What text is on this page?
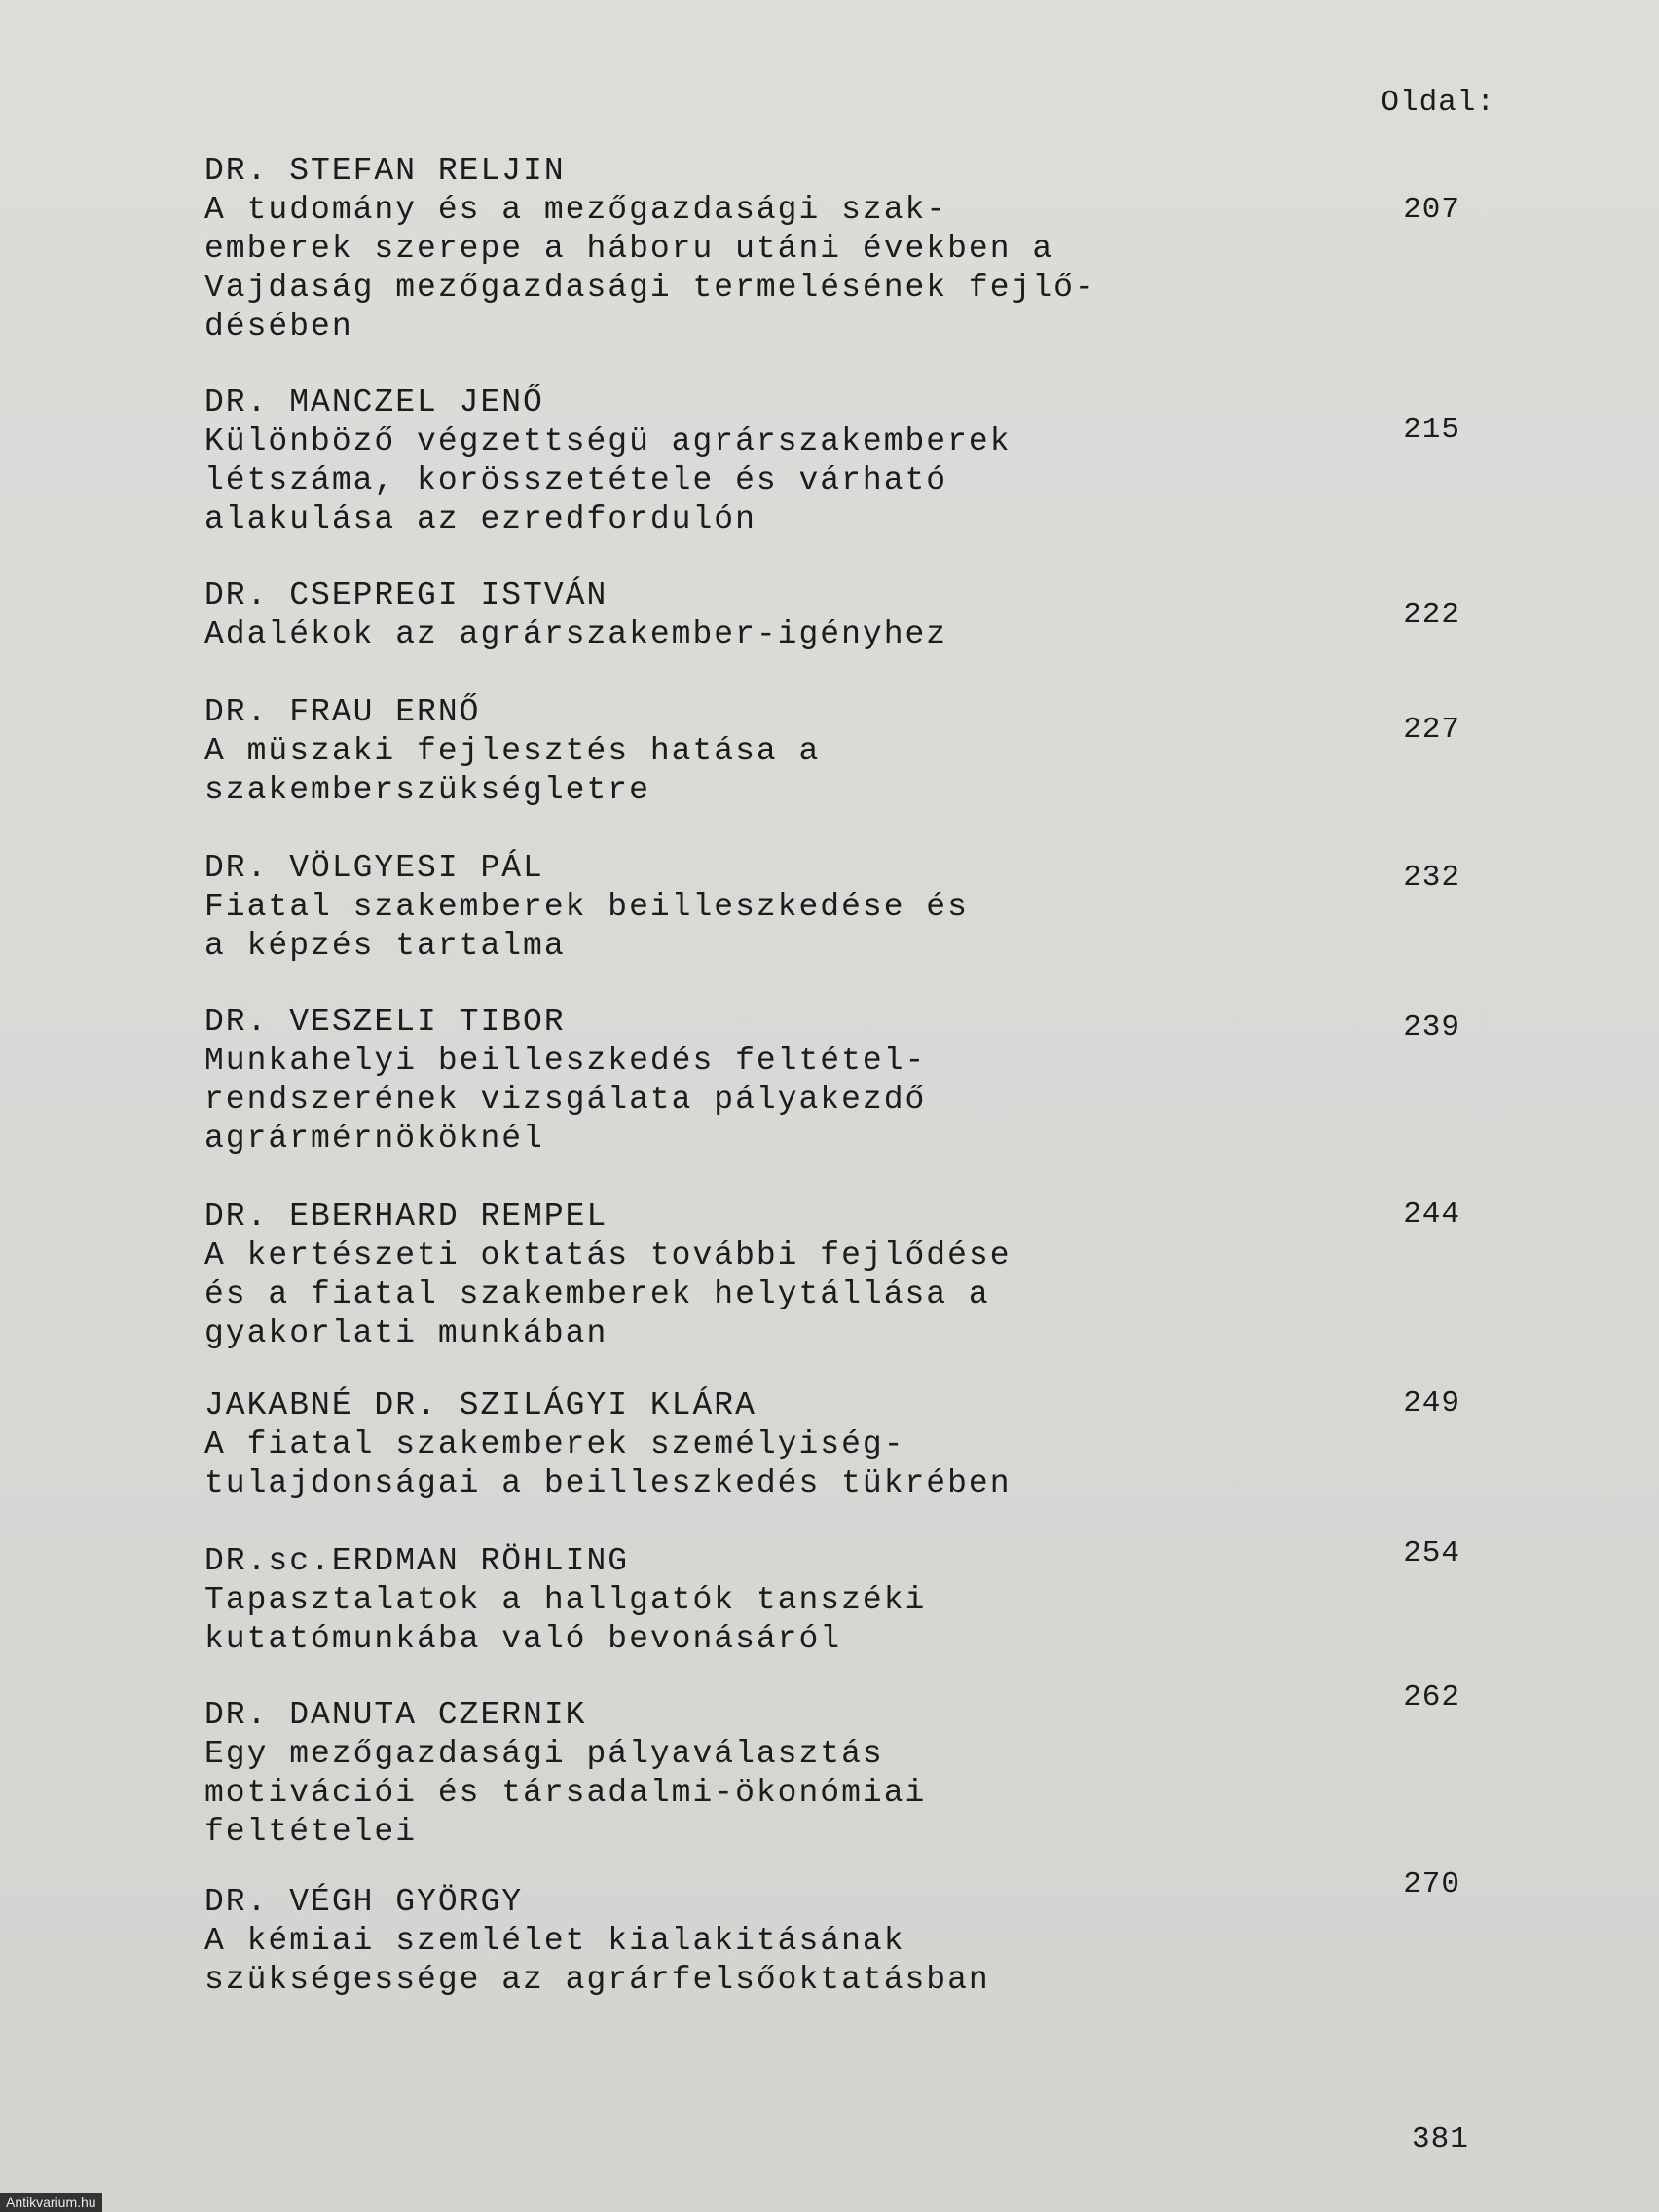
Oldal:
DR. STEFAN RELJIN
A tudomány és a mezőgazdasági szak-
emberek szerepe a háboru utáni években a
Vajdaság mezőgazdasági termelésének fejlő-
désében
207
DR. MANCZEL JENŐ
Különböző végzettségü agrárszakemberek
létszáma, korösszetétele és várható
alakulása az ezredfordulón
215
DR. CSEPREGI ISTVÁN
Adalékok az agrárszakember-igényhez
222
DR. FRAU ERNŐ
A müszaki fejlesztés hatása a
szakemberszükségletre
227
DR. VÖLGYESI PÁL
Fiatal szakemberek beilleszkedése és
a képzés tartalma
232
DR. VESZELI TIBOR
Munkahelyi beilleszkedés feltétel-
rendszerének vizsgálata pályakezdő
agrármérnököknél
239
DR. EBERHARD REMPEL
A kertészeti oktatás további fejlődése
és a fiatal szakemberek helytállása a
gyakorlati munkában
244
JAKABNÉ DR. SZILÁGYI KLÁRA
A fiatal szakemberek személyiség-
tulajdonságai a beilleszkedés tükrében
249
DR.sc.ERDMAN RÖHLING
Tapasztalatok a hallgatók tanszéki
kutatómunkába való bevonásáról
254
DR. DANUTA CZERNIK
Egy mezőgazdasági pályaválasztás
motivációi és társadalmi-ökonómiai
feltételei
262
DR. VÉGH GYÖRGY
A kémiai szemlélet kialakitásának
szükségessége az agrárfelsőoktatásban
270
381
Antikvarium.hu
